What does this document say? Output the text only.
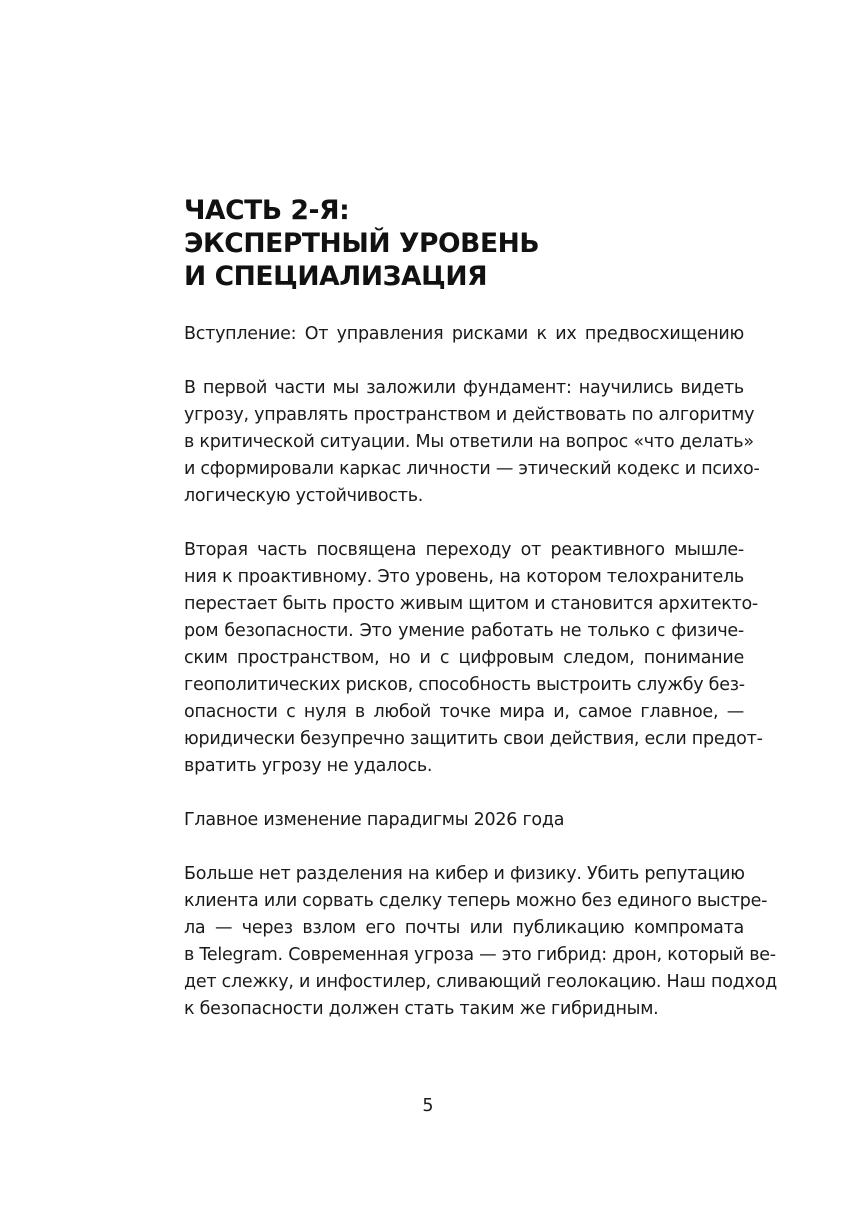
ЧАСТЬ 2-Я:
ЭКСПЕРТНЫЙ УРОВЕНЬ
И СПЕЦИАЛИЗАЦИЯ

Вступление: От управления рисками к их предвосхищению

В первой части мы заложили фундамент: научились видеть
угрозу, управлять пространством и действовать по алгоритму
в критической ситуации. Мы ответили на вопрос «что делать»
и сформировали каркас личности — этический кодекс и психо-
логическую устойчивость.
Вторая часть посвящена переходу от реактивного мышле-
ния к проактивному. Это уровень, на котором телохранитель
перестает быть просто живым щитом и становится архитекто-
ром безопасности. Это умение работать не только с физиче-
ским пространством, но и с цифровым следом, понимание
геополитических рисков, способность выстроить службу без-
опасности с нуля в любой точке мира и, самое главное, —
юридически безупречно защитить свои действия, если предот-
вратить угрозу не удалось.

Главное изменение парадигмы 2026 года

Больше нет разделения на кибер и физику. Убить репутацию
клиента или сорвать сделку теперь можно без единого выстре-
ла — через взлом его почты или публикацию компромата
в Telegram. Современная угроза — это гибрид: дрон, который ве-
дет слежку, и инфостилер, сливающий геолокацию. Наш подход
к безопасности должен стать таким же гибридным.
5
